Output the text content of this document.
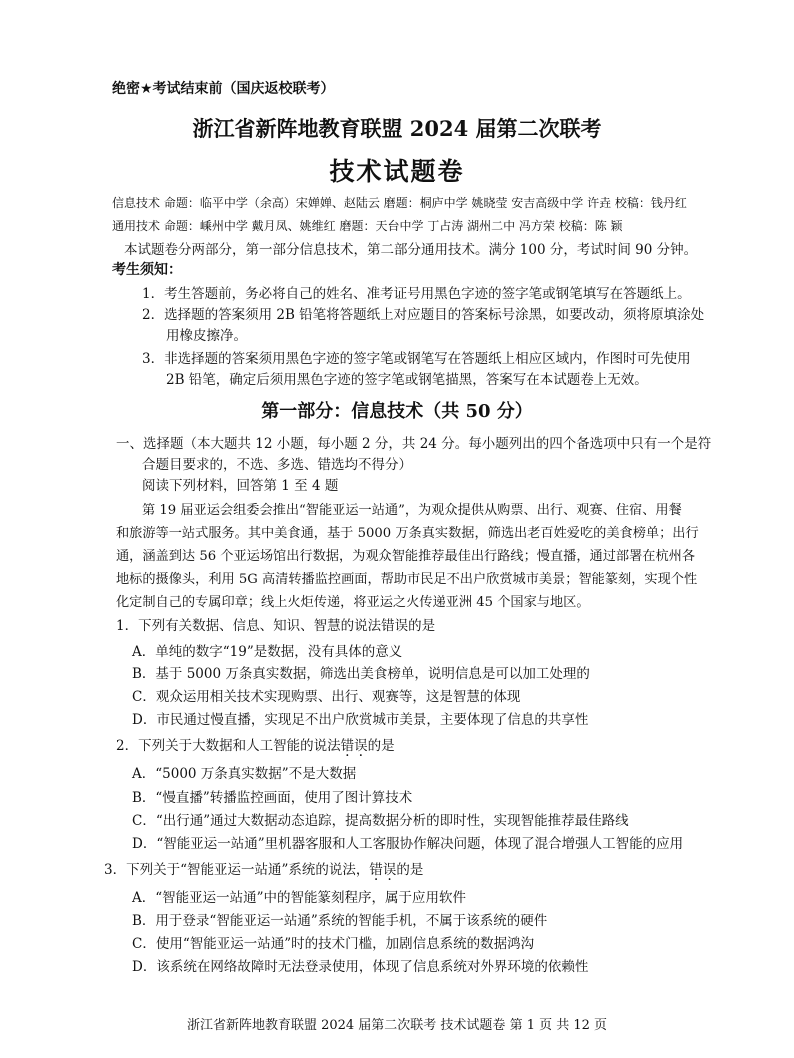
绝密★考试结束前（国庆返校联考）
浙江省新阵地教育联盟 2024 届第二次联考
技术试题卷
信息技术 命题：临平中学（余高）宋婵婵、赵陆云 磨题：桐庐中学 姚晓莹 安吉高级中学 许垚 校稿：钱丹红
通用技术 命题：嵊州中学 戴月凤、姚维红 磨题：天台中学 丁占涛 湖州二中 冯方荣 校稿：陈 颖
本试题卷分两部分，第一部分信息技术，第二部分通用技术。满分 100 分，考试时间 90 分钟。
考生须知：
1．考生答题前，务必将自己的姓名、准考证号用黑色字迹的签字笔或钢笔填写在答题纸上。
2．选择题的答案须用 2B 铅笔将答题纸上对应题目的答案标号涂黑，如要改动，须将原填涂处
用橡皮擦净。
3．非选择题的答案须用黑色字迹的签字笔或钢笔写在答题纸上相应区域内，作图时可先使用
2B 铅笔，确定后须用黑色字迹的签字笔或钢笔描黑，答案写在本试题卷上无效。
第一部分：信息技术（共 50 分）
一、选择题（本大题共 12 小题，每小题 2 分，共 24 分。每小题列出的四个备选项中只有一个是符
合题目要求的，不选、多选、错选均不得分）
阅读下列材料，回答第 1 至 4 题
第 19 届亚运会组委会推出“智能亚运一站通”，为观众提供从购票、出行、观赛、住宿、用餐
和旅游等一站式服务。其中美食通，基于 5000 万条真实数据，筛选出老百姓爱吃的美食榜单；出行
通，涵盖到达 56 个亚运场馆出行数据，为观众智能推荐最佳出行路线；慢直播，通过部署在杭州各
地标的摄像头，利用 5G 高清转播监控画面，帮助市民足不出户欣赏城市美景；智能篆刻，实现个性
化定制自己的专属印章；线上火炬传递，将亚运之火传递亚洲 45 个国家与地区。
1．下列有关数据、信息、知识、智慧的说法错误的是
A．单纯的数字“19”是数据，没有具体的意义
B．基于 5000 万条真实数据，筛选出美食榜单，说明信息是可以加工处理的
C．观众运用相关技术实现购票、出行、观赛等，这是智慧的体现
D．市民通过慢直播，实现足不出户欣赏城市美景，主要体现了信息的共享性
2．下列关于大数据和人工智能的说法错误的是
A．“5000 万条真实数据”不是大数据
B．“慢直播”转播监控画面，使用了图计算技术
C．“出行通”通过大数据动态追踪，提高数据分析的即时性，实现智能推荐最佳路线
D．“智能亚运一站通”里机器客服和人工客服协作解决问题，体现了混合增强人工智能的应用
3．下列关于“智能亚运一站通”系统的说法，错误的是
A．“智能亚运一站通”中的智能篆刻程序，属于应用软件
B．用于登录“智能亚运一站通”系统的智能手机，不属于该系统的硬件
C．使用“智能亚运一站通”时的技术门槛，加剧信息系统的数据鸿沟
D．该系统在网络故障时无法登录使用，体现了信息系统对外界环境的依赖性
浙江省新阵地教育联盟 2024 届第二次联考 技术试题卷 第 1 页 共 12 页
